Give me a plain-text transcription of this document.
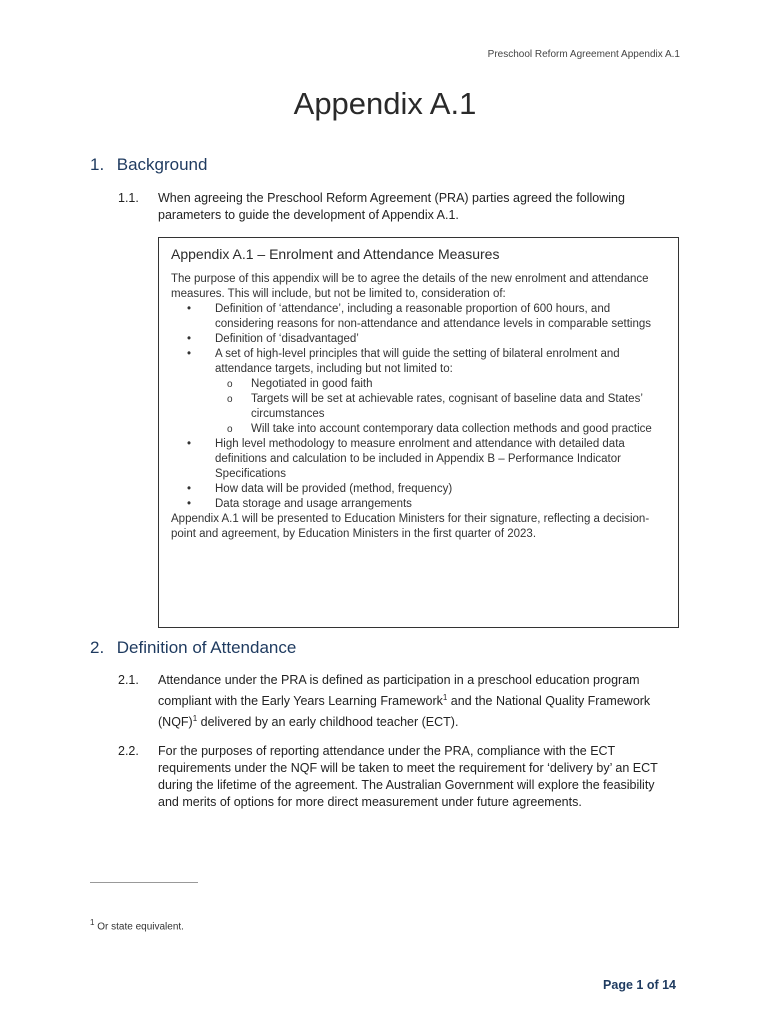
Preschool Reform Agreement Appendix A.1
Appendix A.1
1. Background
1.1. When agreeing the Preschool Reform Agreement (PRA) parties agreed the following parameters to guide the development of Appendix A.1.
Appendix A.1 – Enrolment and Attendance Measures
The purpose of this appendix will be to agree the details of the new enrolment and attendance measures. This will include, but not be limited to, consideration of:
• Definition of ‘attendance’, including a reasonable proportion of 600 hours, and considering reasons for non-attendance and attendance levels in comparable settings
• Definition of ‘disadvantaged’
• A set of high-level principles that will guide the setting of bilateral enrolment and attendance targets, including but not limited to:
o Negotiated in good faith
o Targets will be set at achievable rates, cognisant of baseline data and States’ circumstances
o Will take into account contemporary data collection methods and good practice
• High level methodology to measure enrolment and attendance with detailed data definitions and calculation to be included in Appendix B – Performance Indicator Specifications
• How data will be provided (method, frequency)
• Data storage and usage arrangements
Appendix A.1 will be presented to Education Ministers for their signature, reflecting a decision-point and agreement, by Education Ministers in the first quarter of 2023.
2. Definition of Attendance
2.1. Attendance under the PRA is defined as participation in a preschool education program compliant with the Early Years Learning Framework$^1$ and the National Quality Framework (NQF)$^1$ delivered by an early childhood teacher (ECT).
2.2. For the purposes of reporting attendance under the PRA, compliance with the ECT requirements under the NQF will be taken to meet the requirement for ‘delivery by’ an ECT during the lifetime of the agreement. The Australian Government will explore the feasibility and merits of options for more direct measurement under future agreements.
$^1$ Or state equivalent.
Page 1 of 14
